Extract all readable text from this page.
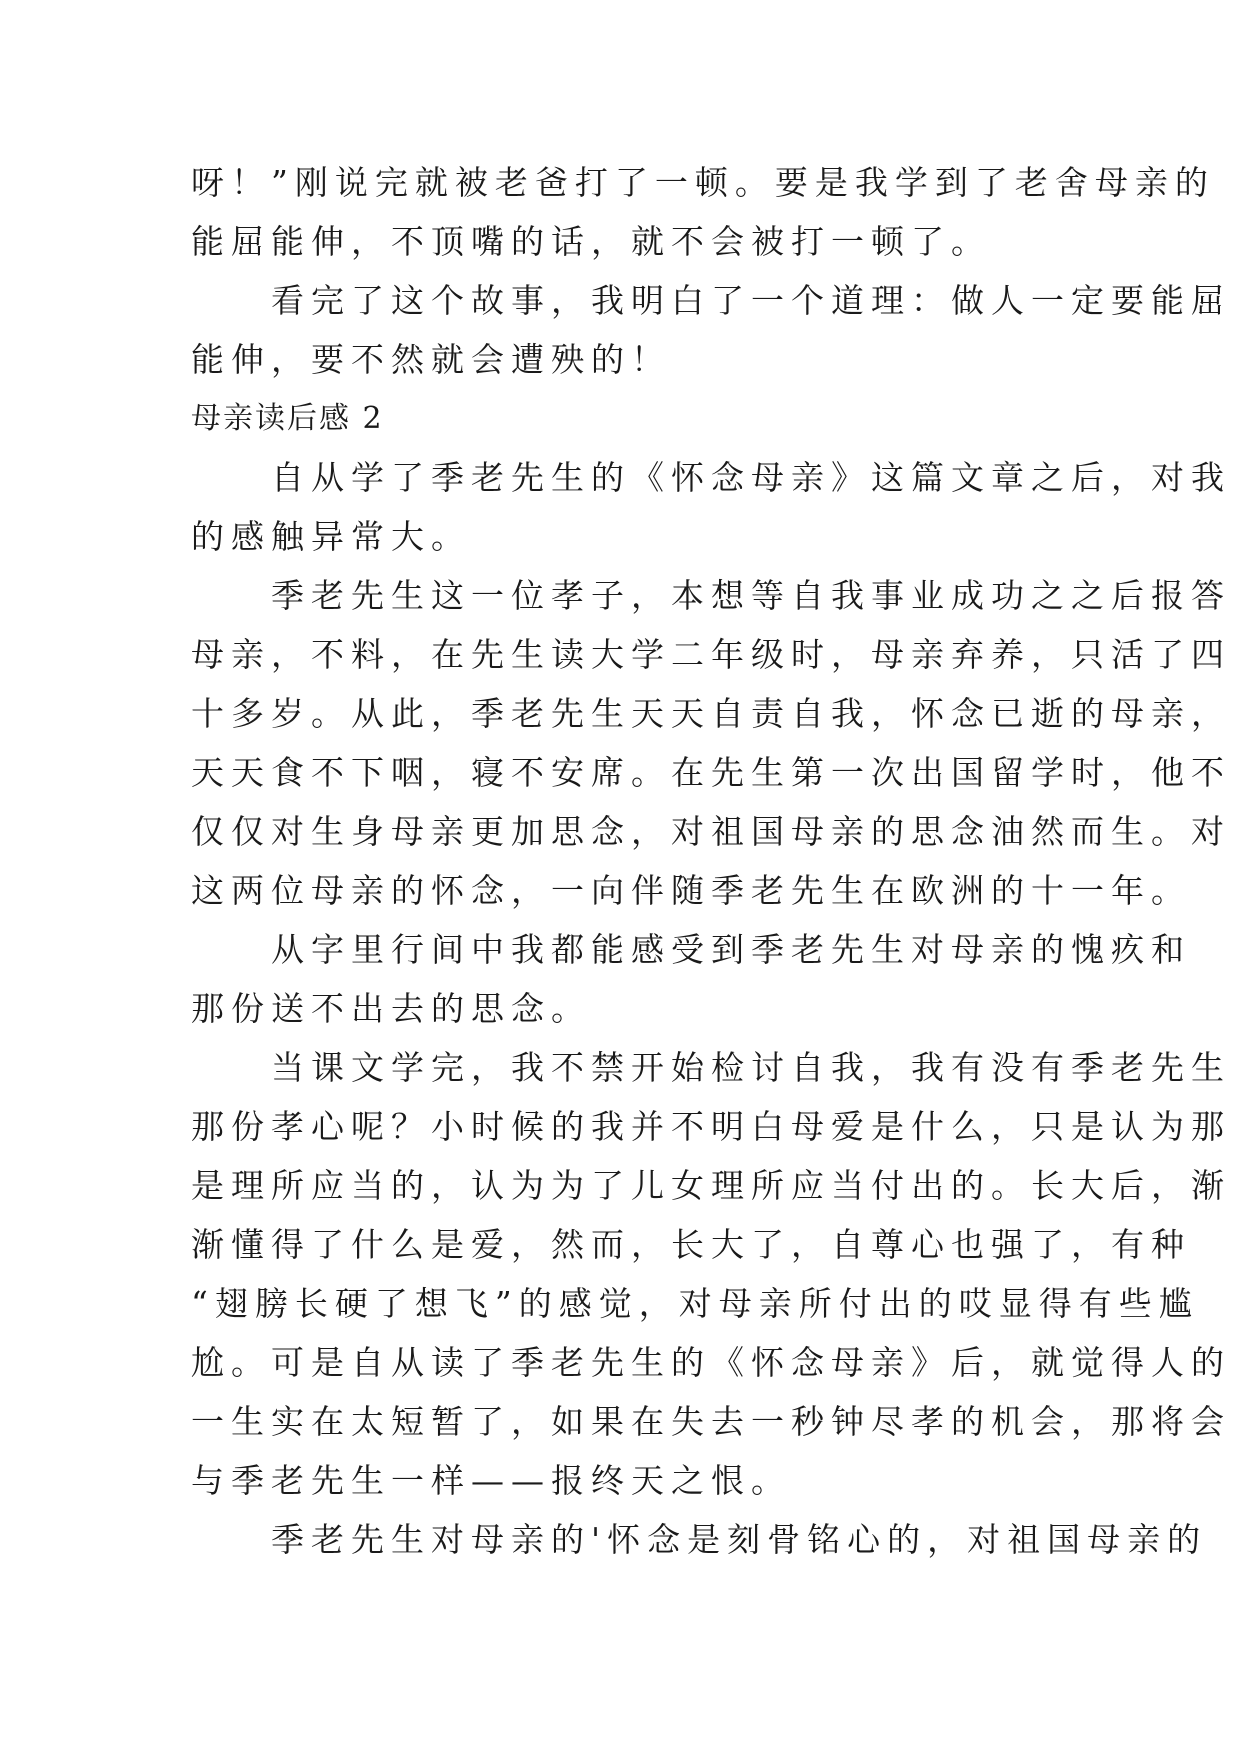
呀！”刚说完就被老爸打了一顿。要是我学到了老舍母亲的
能屈能伸，不顶嘴的话，就不会被打一顿了。
　　看完了这个故事，我明白了一个道理：做人一定要能屈
能伸，要不然就会遭殃的！
母亲读后感 2
　　自从学了季老先生的《怀念母亲》这篇文章之后，对我
的感触异常大。
　　季老先生这一位孝子，本想等自我事业成功之之后报答
母亲，不料，在先生读大学二年级时，母亲弃养，只活了四
十多岁。从此，季老先生天天自责自我，怀念已逝的母亲，
天天食不下咽，寝不安席。在先生第一次出国留学时，他不
仅仅对生身母亲更加思念，对祖国母亲的思念油然而生。对
这两位母亲的怀念，一向伴随季老先生在欧洲的十一年。
　　从字里行间中我都能感受到季老先生对母亲的愧疚和
那份送不出去的思念。
　　当课文学完，我不禁开始检讨自我，我有没有季老先生
那份孝心呢？小时候的我并不明白母爱是什么，只是认为那
是理所应当的，认为为了儿女理所应当付出的。长大后，渐
渐懂得了什么是爱，然而，长大了，自尊心也强了，有种
“翅膀长硬了想飞”的感觉，对母亲所付出的哎显得有些尴
尬。可是自从读了季老先生的《怀念母亲》后，就觉得人的
一生实在太短暂了，如果在失去一秒钟尽孝的机会，那将会
与季老先生一样——报终天之恨。
　　季老先生对母亲的'怀念是刻骨铭心的，对祖国母亲的
